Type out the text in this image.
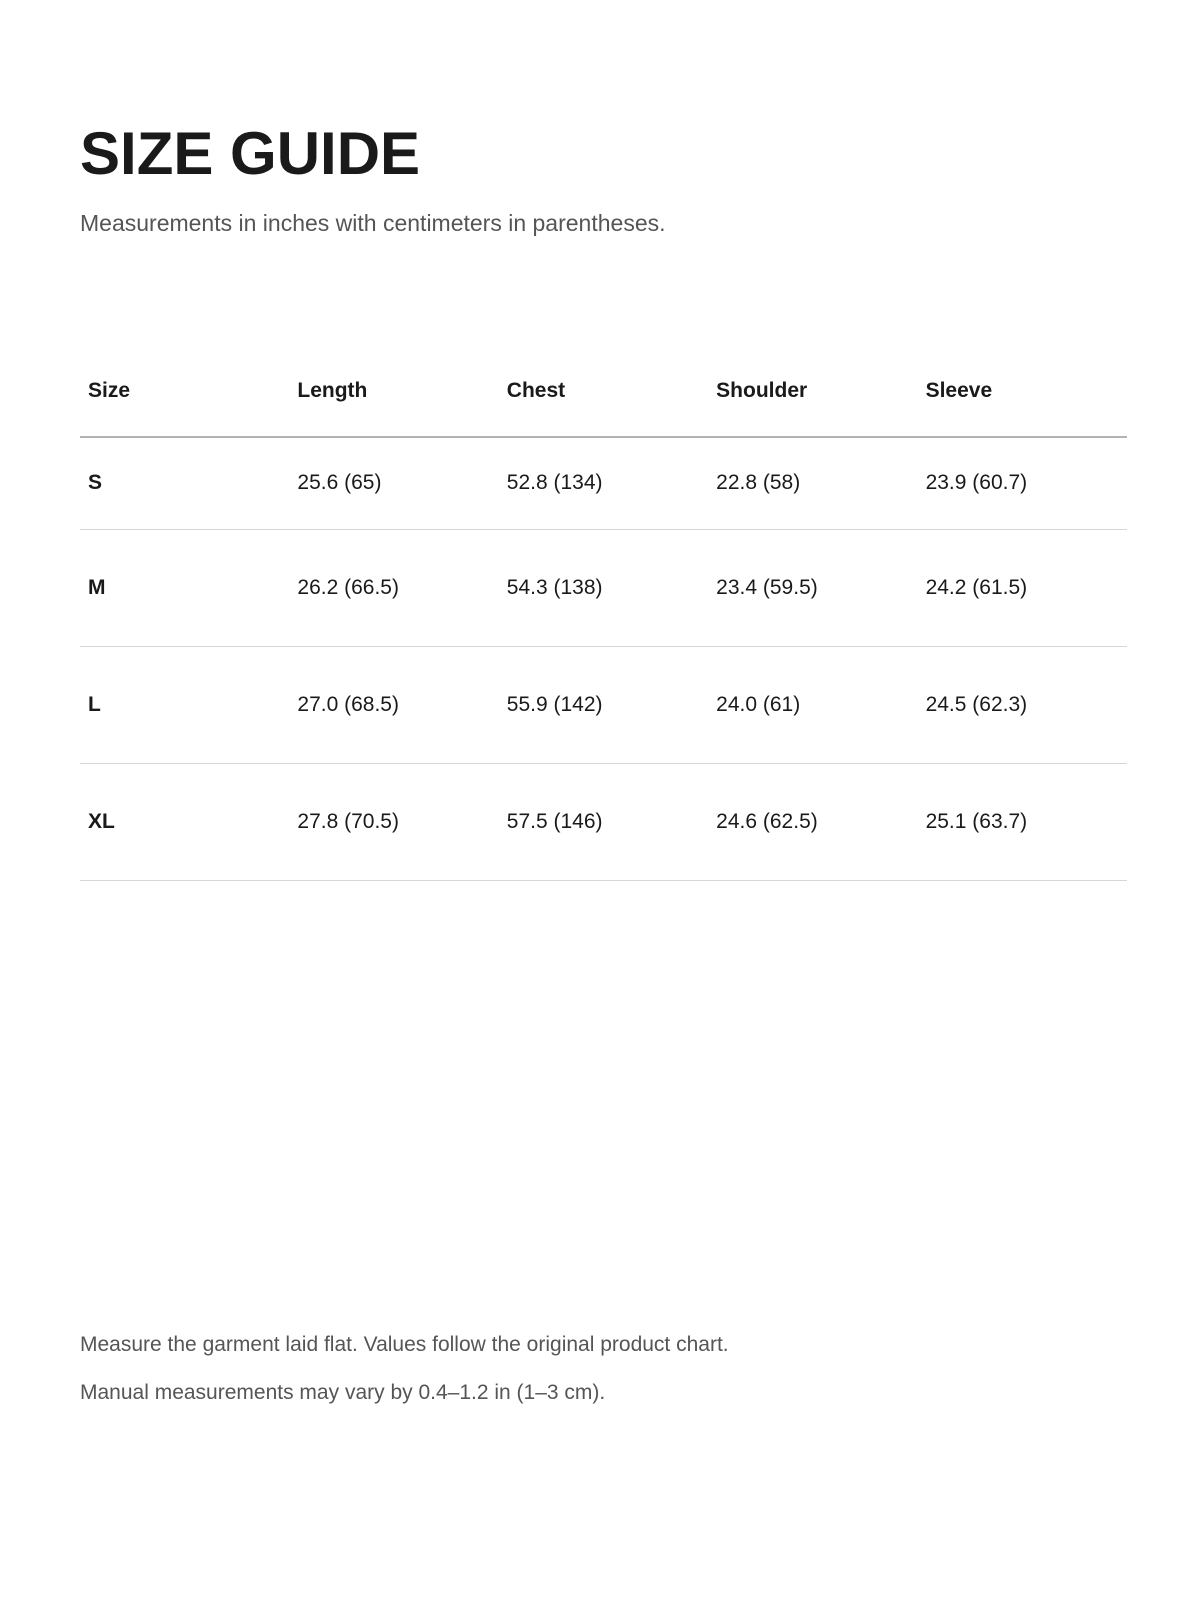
SIZE GUIDE

Measurements in inches with centimeters in parentheses.

Size	Length	Chest	Shoulder	Sleeve
S	25.6 (65)	52.8 (134)	22.8 (58)	23.9 (60.7)
M	26.2 (66.5)	54.3 (138)	23.4 (59.5)	24.2 (61.5)
L	27.0 (68.5)	55.9 (142)	24.0 (61)	24.5 (62.3)
XL	27.8 (70.5)	57.5 (146)	24.6 (62.5)	25.1 (63.7)
Measure the garment laid flat. Values follow the original product chart.
Manual measurements may vary by 0.4–1.2 in (1–3 cm).
